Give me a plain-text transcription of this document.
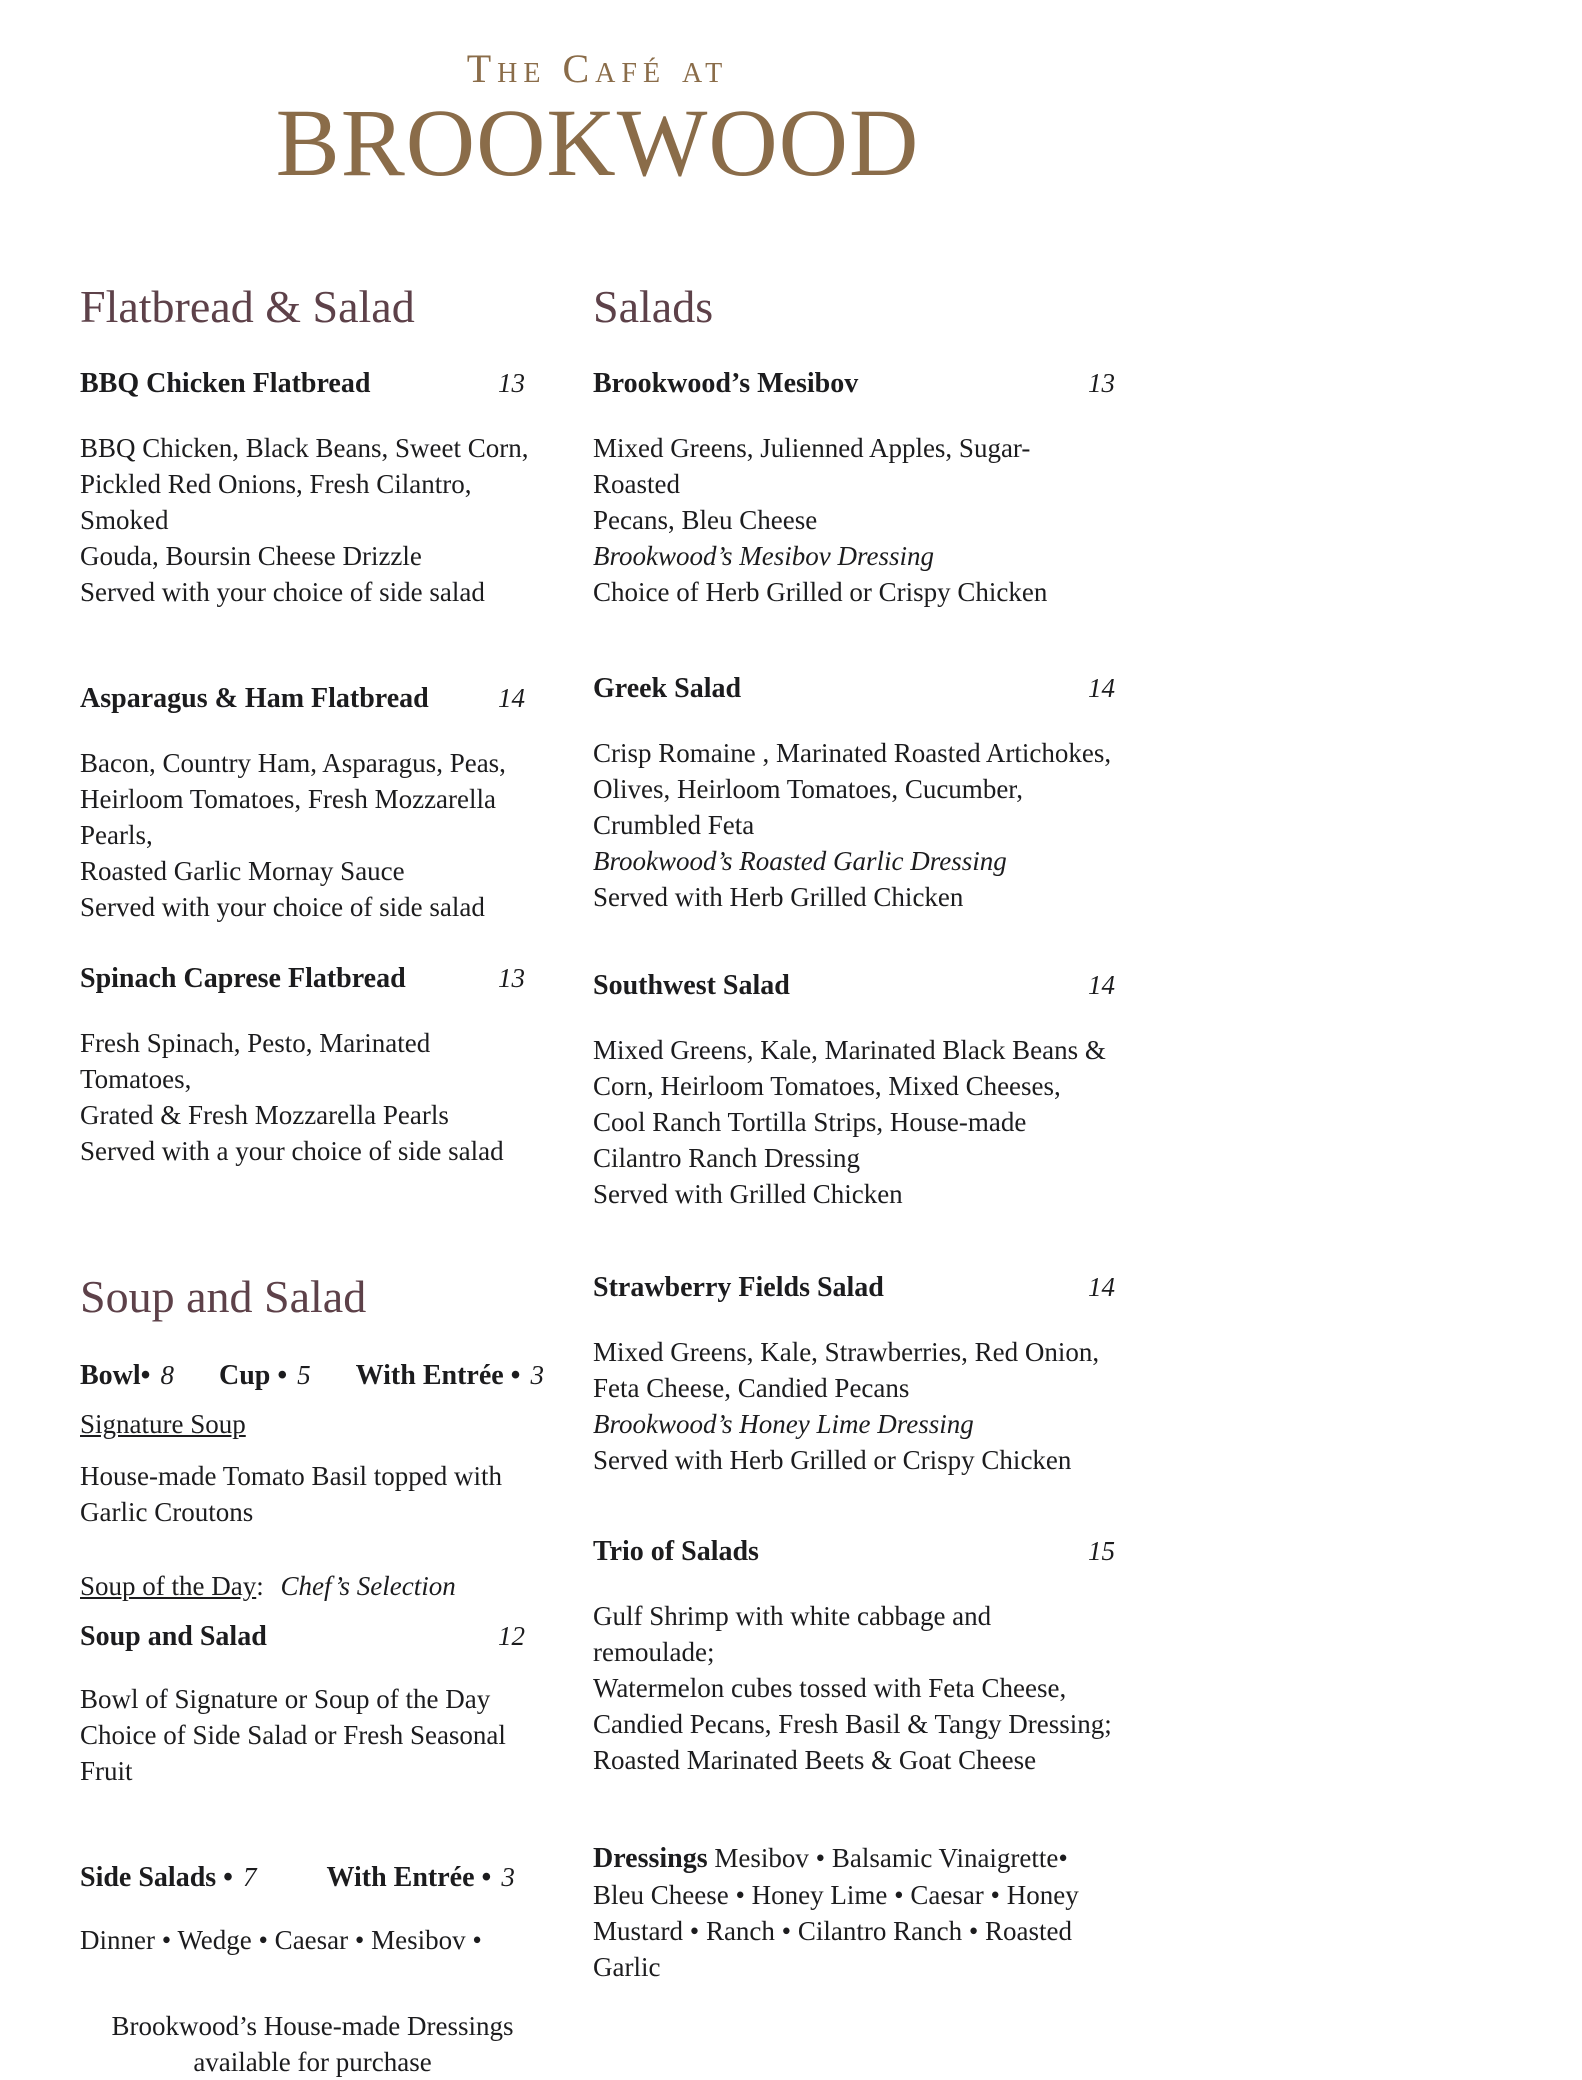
The Café at
BROOKWOOD
Flatbread & Salad
BBQ Chicken Flatbread	13
BBQ Chicken, Black Beans, Sweet Corn,
Pickled Red Onions, Fresh Cilantro, Smoked
Gouda, Boursin Cheese Drizzle
Served with your choice of side salad
Asparagus & Ham Flatbread	14
Bacon, Country Ham, Asparagus, Peas,
Heirloom Tomatoes, Fresh Mozzarella Pearls,
Roasted Garlic Mornay Sauce
Served with your choice of side salad
Spinach Caprese Flatbread	13
Fresh Spinach, Pesto, Marinated Tomatoes,
Grated & Fresh Mozzarella Pearls
Served with a your choice of side salad
Soup and Salad
Bowl• 8 Cup • 5 With Entrée • 3
Signature Soup
House-made Tomato Basil topped with
Garlic Croutons
Soup of the Day: Chef’s Selection
Soup and Salad	12
Bowl of Signature or Soup of the Day
Choice of Side Salad or Fresh Seasonal Fruit
Side Salads • 7	With Entrée • 3
Dinner • Wedge • Caesar • Mesibov •
Brookwood’s House-made Dressings
available for purchase
Salads
Brookwood’s Mesibov	13
Mixed Greens, Julienned Apples, Sugar-Roasted
Pecans, Bleu Cheese
Brookwood’s Mesibov Dressing
Choice of Herb Grilled or Crispy Chicken
Greek Salad	14
Crisp Romaine , Marinated Roasted Artichokes,
Olives, Heirloom Tomatoes, Cucumber,
Crumbled Feta
Brookwood’s Roasted Garlic Dressing
Served with Herb Grilled Chicken
Southwest Salad	14
Mixed Greens, Kale, Marinated Black Beans &
Corn, Heirloom Tomatoes, Mixed Cheeses,
Cool Ranch Tortilla Strips, House-made
Cilantro Ranch Dressing
Served with Grilled Chicken
Strawberry Fields Salad	14
Mixed Greens, Kale, Strawberries, Red Onion,
Feta Cheese, Candied Pecans
Brookwood’s Honey Lime Dressing
Served with Herb Grilled or Crispy Chicken
Trio of Salads	15
Gulf Shrimp with white cabbage and remoulade;
Watermelon cubes tossed with Feta Cheese,
Candied Pecans, Fresh Basil & Tangy Dressing;
Roasted Marinated Beets & Goat Cheese
Dressings Mesibov • Balsamic Vinaigrette• Bleu Cheese • Honey Lime • Caesar • Honey Mustard • Ranch • Cilantro Ranch • Roasted Garlic
